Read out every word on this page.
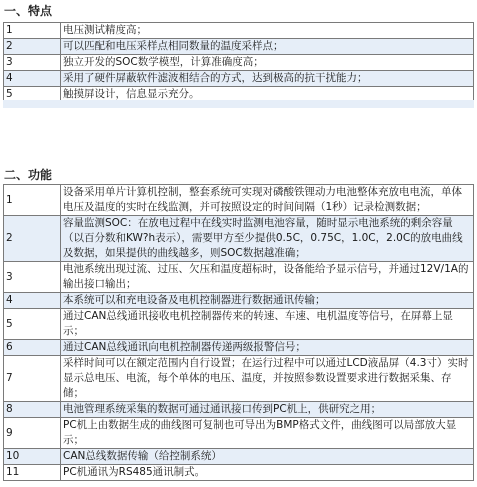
一、特点
1	电压测试精度高；
2	可以匹配和电压采样点相同数量的温度采样点；
3	独立开发的SOC数学模型，计算准确度高；
4	采用了硬件屏蔽软件滤波相结合的方式，达到极高的抗干扰能力；
5	触摸屏设计，信息显示充分。
二、功能
1	设备采用单片计算机控制，整套系统可实现对磷酸铁锂动力电池整体充放电电流，单体电压及温度的实时在线监测，并可按照设定的时间间隔（1秒）记录检测数据；
2	容量监测SOC：在放电过程中在线实时监测电池容量，随时显示电池系统的剩余容量（以百分数和KW?h表示），需要甲方至少提供0.5C，0.75C，1.0C，2.0C的放电曲线及数据，如果提供的曲线越多，则SOC数据越准确；
3	电池系统出现过流、过压、欠压和温度超标时，设备能给予显示信号，并通过12V/1A的输出接口输出；
4	本系统可以和充电设备及电机控制器进行数据通讯传输；
5	通过CAN总线通讯接收电机控制器传来的转速、车速、电机温度等信号，在屏幕上显示；
6	通过CAN总线通讯向电机控制器传递两级报警信号；
7	采样时间可以在额定范围内自行设置；在运行过程中可以通过LCD液晶屏（4.3寸）实时显示总电压、电流，每个单体的电压、温度，并按照参数设置要求进行数据采集、存储；
8	电池管理系统采集的数据可通过通讯接口传到PC机上，供研究之用；
9	PC机上由数据生成的曲线图可复制也可导出为BMP格式文件，曲线图可以局部放大显示；
10	CAN总线数据传输（给控制系统）
11	PC机通讯为RS485通讯制式。
